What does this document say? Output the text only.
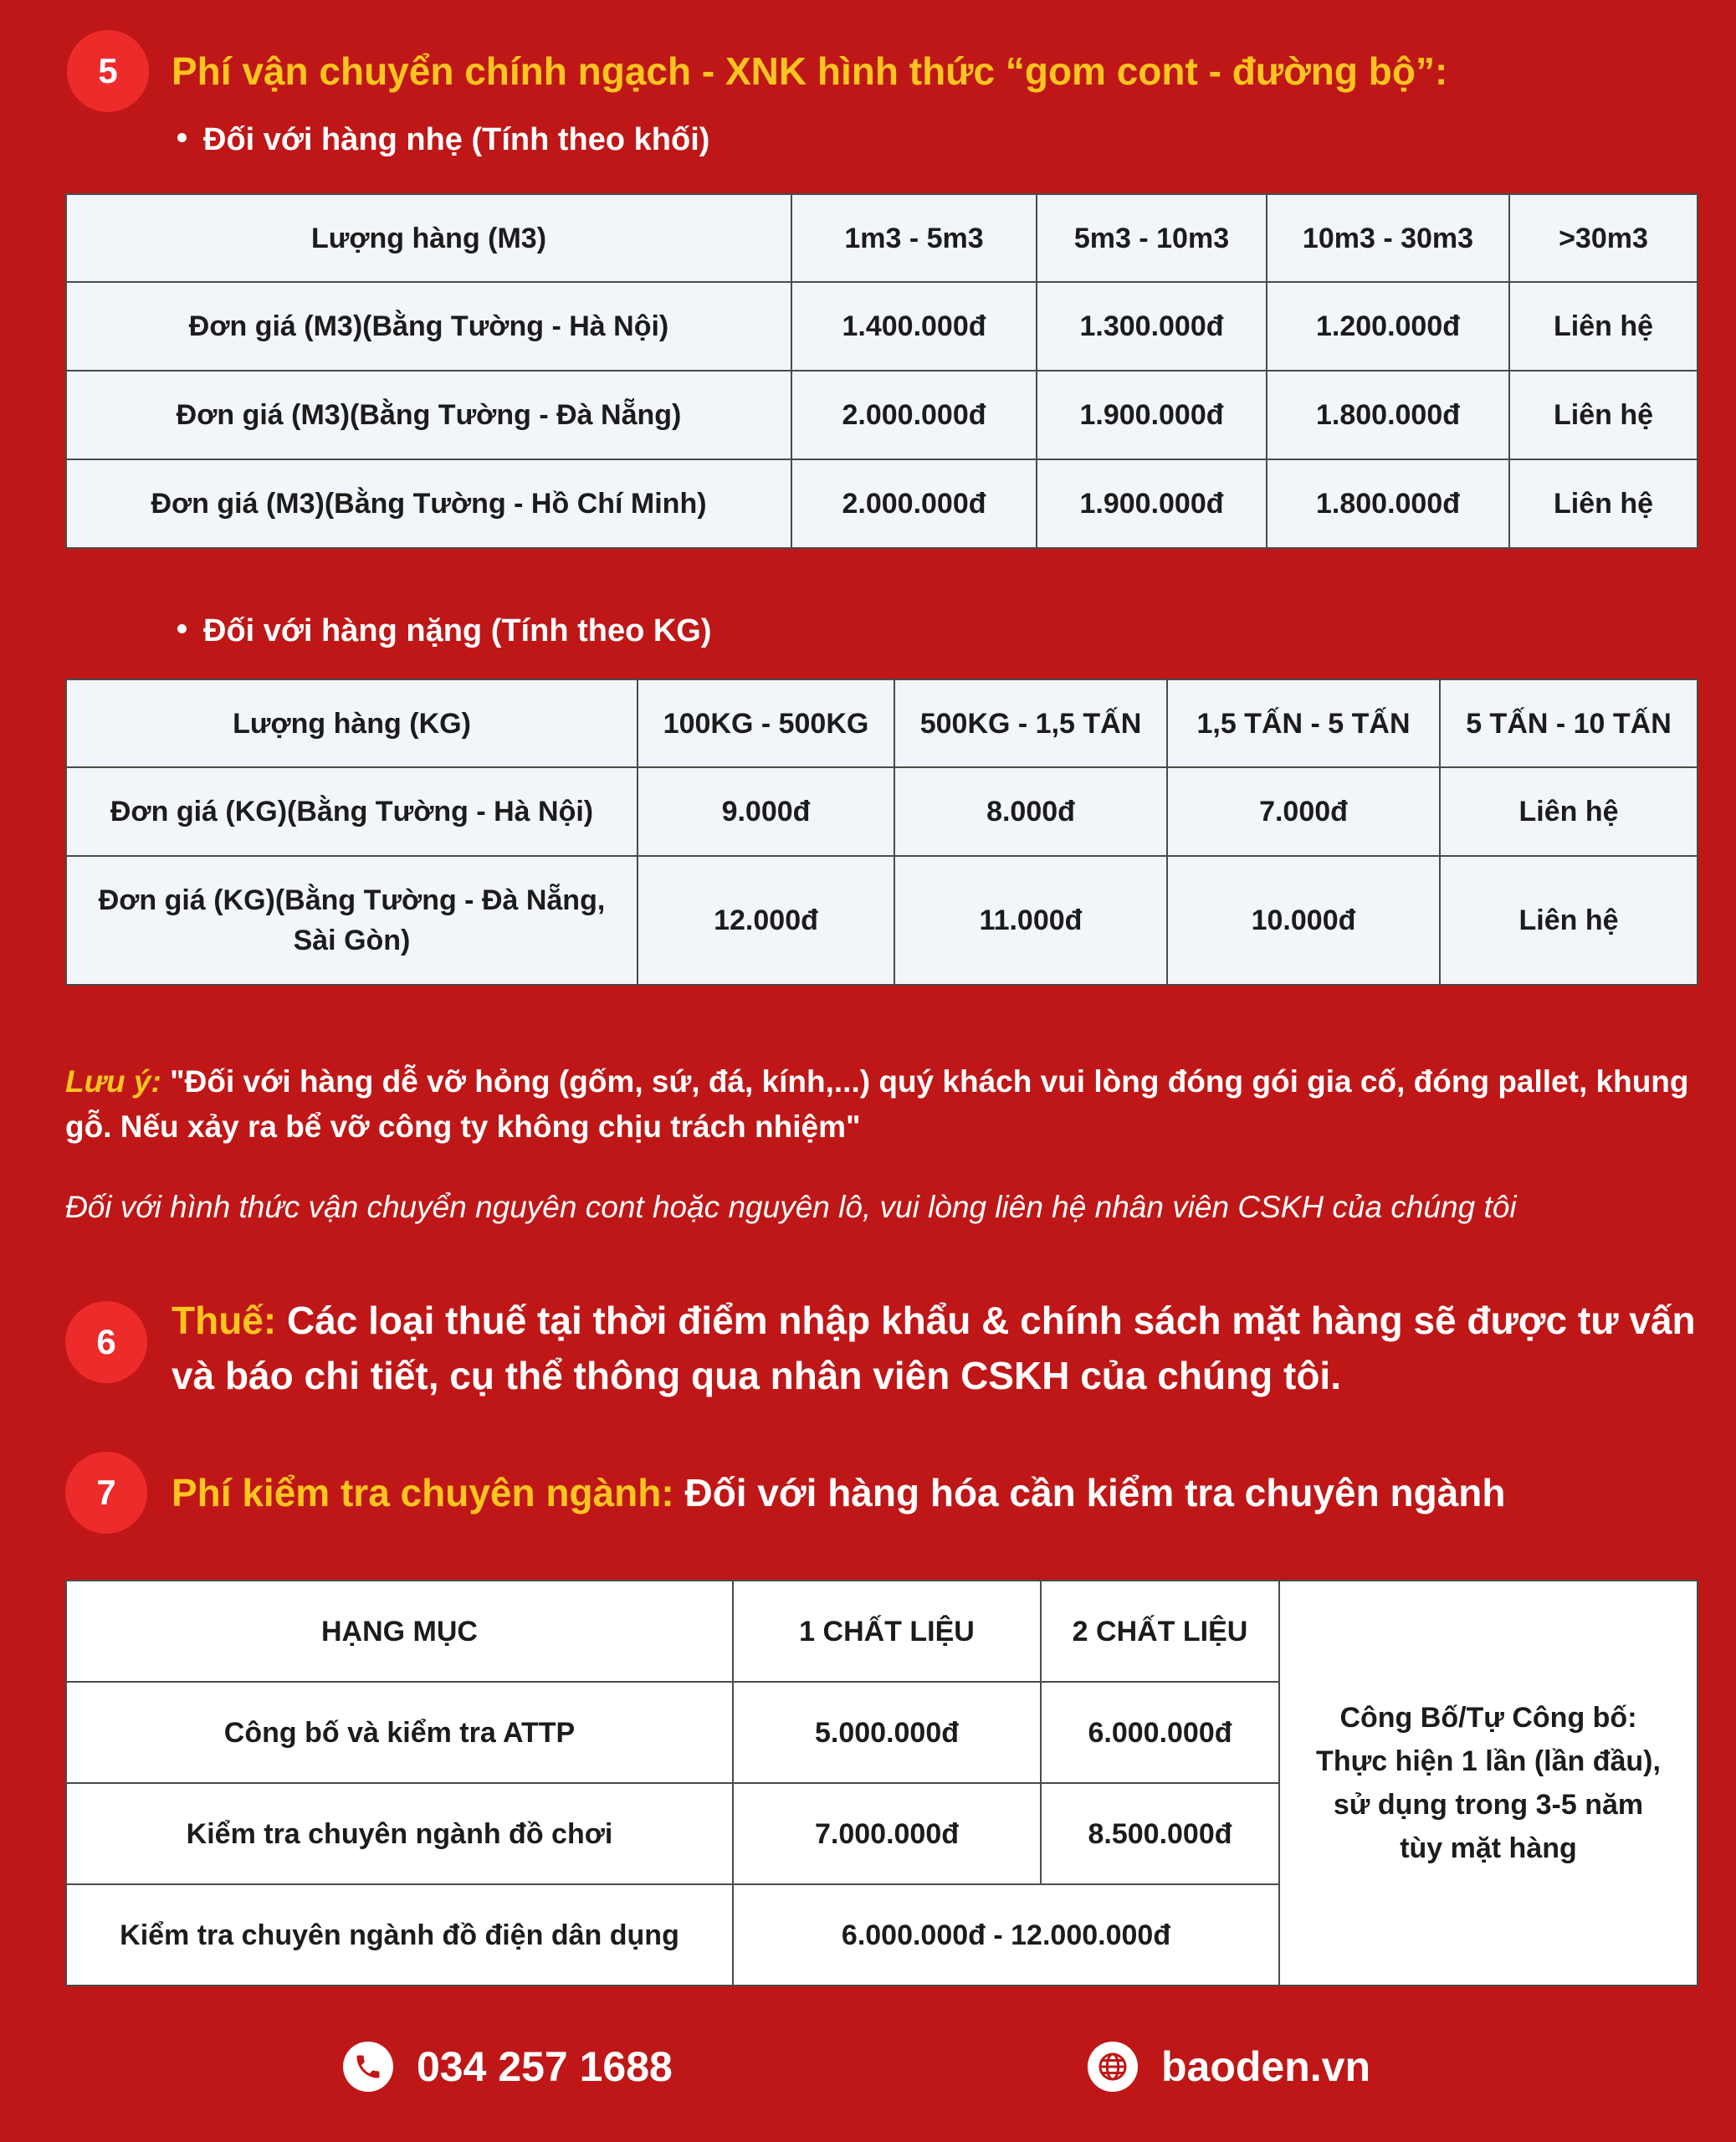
5	Phí vận chuyển chính ngạch - XNK hình thức “gom cont - đường bộ”:
Đối với hàng nhẹ (Tính theo khối)
Lượng hàng (M3)	1m3 - 5m3	5m3 - 10m3	10m3 - 30m3	>30m3
Đơn giá (M3)(Bằng Tường - Hà Nội)	1.400.000đ	1.300.000đ	1.200.000đ	Liên hệ
Đơn giá (M3)(Bằng Tường - Đà Nẵng)	2.000.000đ	1.900.000đ	1.800.000đ	Liên hệ
Đơn giá (M3)(Bằng Tường - Hồ Chí Minh)	2.000.000đ	1.900.000đ	1.800.000đ	Liên hệ
Đối với hàng nặng (Tính theo KG)
Lượng hàng (KG)	100KG - 500KG	500KG - 1,5 TẤN	1,5 TẤN - 5 TẤN	5 TẤN - 10 TẤN
Đơn giá (KG)(Bằng Tường - Hà Nội)	9.000đ	8.000đ	7.000đ	Liên hệ
Đơn giá (KG)(Bằng Tường - Đà Nẵng, Sài Gòn)	12.000đ	11.000đ	10.000đ	Liên hệ
Lưu ý: "Đối với hàng dễ vỡ hỏng (gốm, sứ, đá, kính,...) quý khách vui lòng đóng gói gia cố, đóng pallet, khung gỗ. Nếu xảy ra bể vỡ công ty không chịu trách nhiệm"
Đối với hình thức vận chuyển nguyên cont hoặc nguyên lô, vui lòng liên hệ nhân viên CSKH của chúng tôi
6	Thuế: Các loại thuế tại thời điểm nhập khẩu & chính sách mặt hàng sẽ được tư vấn và báo chi tiết, cụ thể thông qua nhân viên CSKH của chúng tôi.
7	Phí kiểm tra chuyên ngành: Đối với hàng hóa cần kiểm tra chuyên ngành
HẠNG MỤC	1 CHẤT LIỆU	2 CHẤT LIỆU	Công Bố/Tự Công bố: Thực hiện 1 lần (lần đầu), sử dụng trong 3-5 năm tùy mặt hàng
Công bố và kiểm tra ATTP	5.000.000đ	6.000.000đ	
Kiểm tra chuyên ngành đồ chơi	7.000.000đ	8.500.000đ	
Kiểm tra chuyên ngành đồ điện dân dụng	6.000.000đ - 12.000.000đ		
034 257 1688	baoden.vn
